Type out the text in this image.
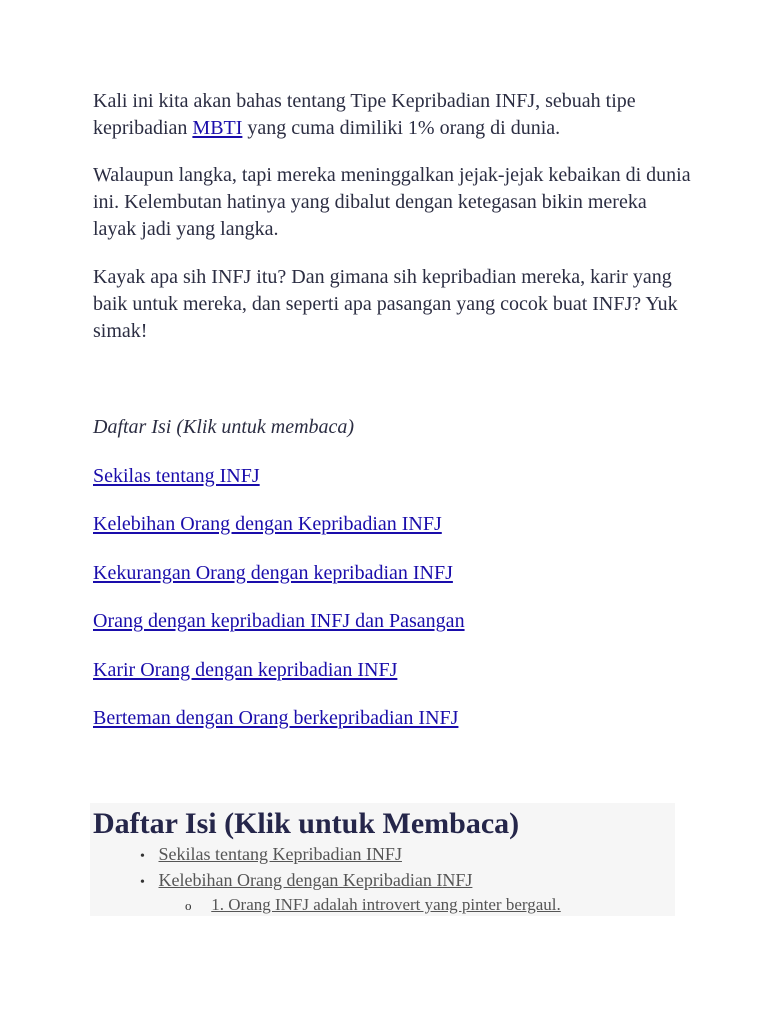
Kali ini kita akan bahas tentang Tipe Kepribadian INFJ, sebuah tipe kepribadian MBTI yang cuma dimiliki 1% orang di dunia.

Walaupun langka, tapi mereka meninggalkan jejak-jejak kebaikan di dunia ini. Kelembutan hatinya yang dibalut dengan ketegasan bikin mereka layak jadi yang langka.

Kayak apa sih INFJ itu? Dan gimana sih kepribadian mereka, karir yang baik untuk mereka, dan seperti apa pasangan yang cocok buat INFJ? Yuk simak!

Daftar Isi (Klik untuk membaca)
Sekilas tentang INFJ
Kelebihan Orang dengan Kepribadian INFJ
Kekurangan Orang dengan kepribadian INFJ
Orang dengan kepribadian INFJ dan Pasangan
Karir Orang dengan kepribadian INFJ
Berteman dengan Orang berkepribadian INFJ
Daftar Isi (Klik untuk Membaca)
• Sekilas tentang Kepribadian INFJ
• Kelebihan Orang dengan Kepribadian INFJ
o 1. Orang INFJ adalah introvert yang pinter bergaul.
